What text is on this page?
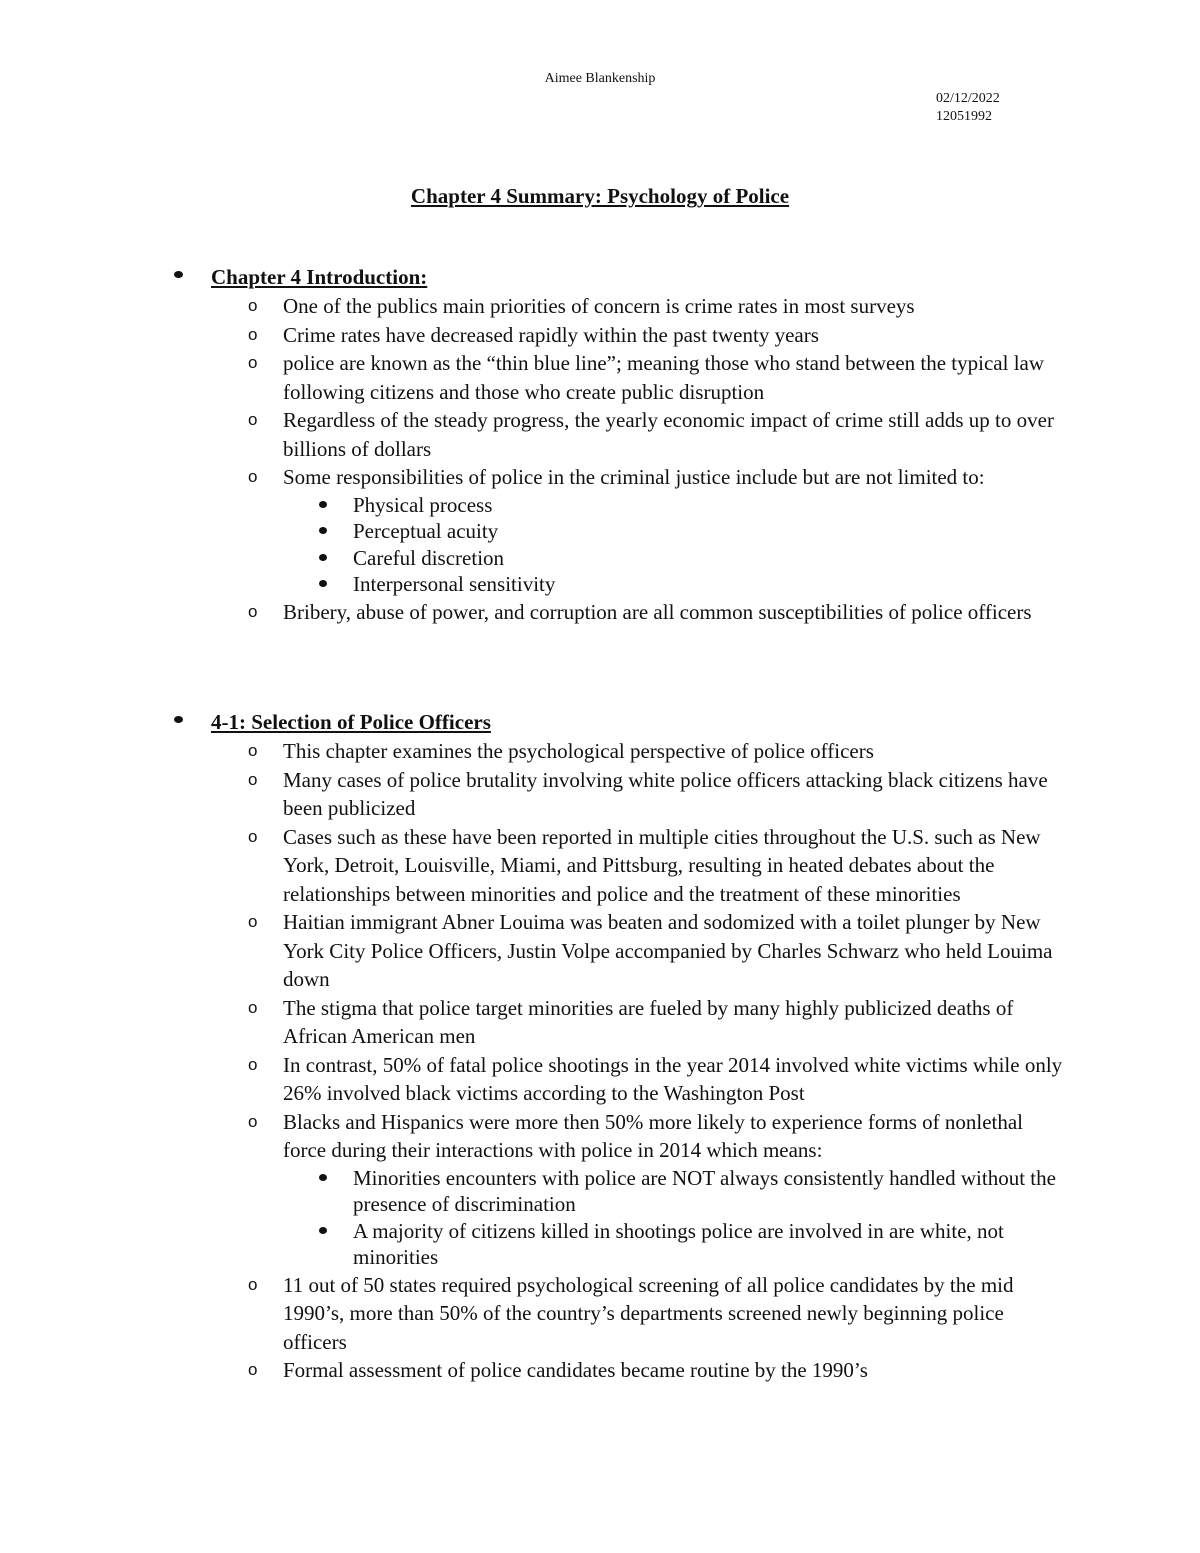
Aimee Blankenship
02/12/2022
12051992
Chapter 4 Summary: Psychology of Police
Chapter 4 Introduction:
o One of the publics main priorities of concern is crime rates in most surveys
o Crime rates have decreased rapidly within the past twenty years
o police are known as the “thin blue line”; meaning those who stand between the typical law following citizens and those who create public disruption
o Regardless of the steady progress, the yearly economic impact of crime still adds up to over billions of dollars
o Some responsibilities of police in the criminal justice include but are not limited to:
Physical process
Perceptual acuity
Careful discretion
Interpersonal sensitivity
o Bribery, abuse of power, and corruption are all common susceptibilities of police officers
4-1: Selection of Police Officers
o This chapter examines the psychological perspective of police officers
o Many cases of police brutality involving white police officers attacking black citizens have been publicized
o Cases such as these have been reported in multiple cities throughout the U.S. such as New York, Detroit, Louisville, Miami, and Pittsburg, resulting in heated debates about the relationships between minorities and police and the treatment of these minorities
o Haitian immigrant Abner Louima was beaten and sodomized with a toilet plunger by New York City Police Officers, Justin Volpe accompanied by Charles Schwarz who held Louima down
o The stigma that police target minorities are fueled by many highly publicized deaths of African American men
o In contrast, 50% of fatal police shootings in the year 2014 involved white victims while only 26% involved black victims according to the Washington Post
o Blacks and Hispanics were more then 50% more likely to experience forms of nonlethal force during their interactions with police in 2014 which means:
Minorities encounters with police are NOT always consistently handled without the presence of discrimination
A majority of citizens killed in shootings police are involved in are white, not minorities
o 11 out of 50 states required psychological screening of all police candidates by the mid 1990’s, more than 50% of the country’s departments screened newly beginning police officers
o Formal assessment of police candidates became routine by the 1990’s
